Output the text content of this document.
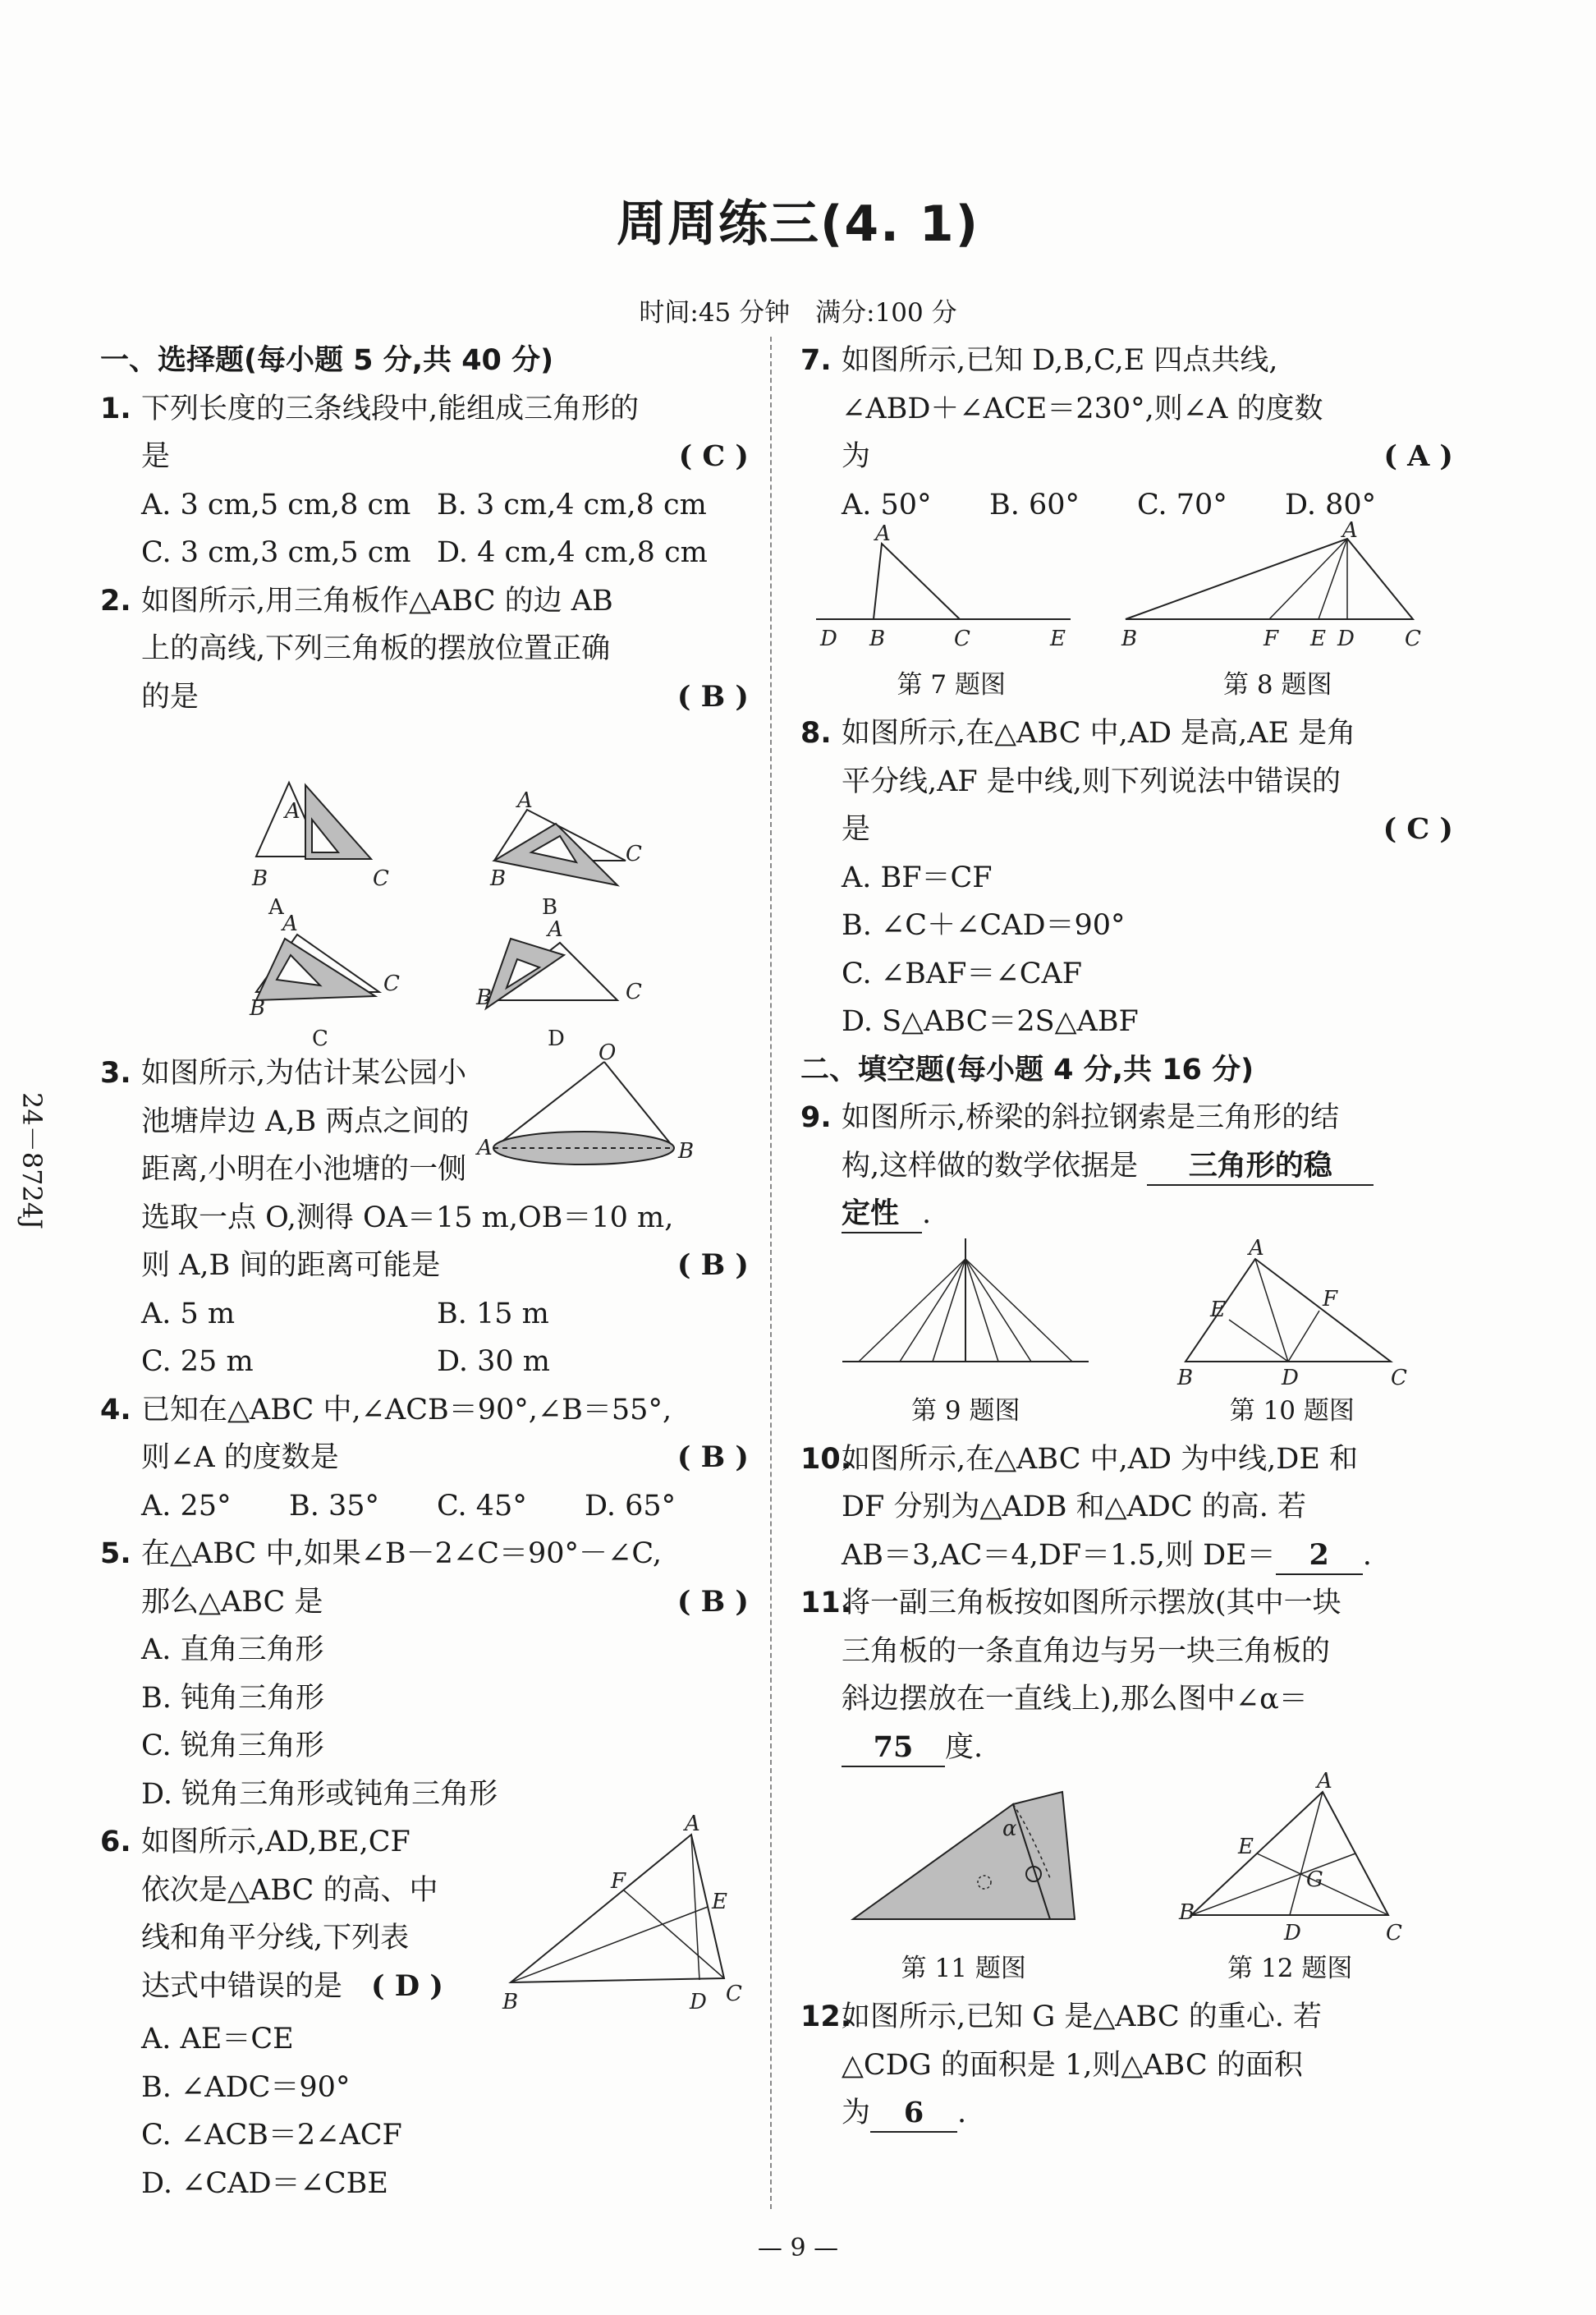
周周练三(4. 1)
时间:45 分钟　满分:100 分
24－8724J
一、选择题(每小题 5 分,共 40 分)
1. 下列长度的三条线段中,能组成三角形的
是	( C )
A. 3 cm,5 cm,8 cm B. 3 cm,4 cm,8 cm
C. 3 cm,3 cm,5 cm D. 4 cm,4 cm,8 cm
2. 如图所示,用三角板作△ABC 的边 AB
上的高线,下列三角板的摆放位置正确
的是	( B )
A
B	C
A
B
C
A
B
C
A
B	C
A	B
C	D
3. 如图所示,为估计某公园小
池塘岸边 A,B 两点之间的
距离,小明在小池塘的一侧
O
A	B
选取一点 O,测得 OA＝15 m,OB＝10 m,
则 A,B 间的距离可能是	( B )
A. 5 m	B. 15 m
C. 25 m	D. 30 m
4. 已知在△ABC 中,∠ACB＝90°,∠B＝55°,
则∠A 的度数是	( B )
A. 25°	B. 35°	C. 45°	D. 65°
5. 在△ABC 中,如果∠B－2∠C＝90°－∠C,
那么△ABC 是	( B )
A. 直角三角形
B. 钝角三角形
C. 锐角三角形
D. 锐角三角形或钝角三角形
6. 如图所示,AD,BE,CF
依次是△ABC 的高、中
线和角平分线,下列表
达式中错误的是　 ( D )
A
B	C
D
E
F
A. AE＝CE
B. ∠ADC＝90°
C. ∠ACB＝2∠ACF
D. ∠CAD＝∠CBE
7. 如图所示,已知 D,B,C,E 四点共线,
∠ABD＋∠ACE＝230°,则∠A 的度数
为	( A )
A. 50°	B. 60°	C. 70°	D. 80°
A
D B	C	E
第 7 题图
A
B	F E D C
第 8 题图
8. 如图所示,在△ABC 中,AD 是高,AE 是角
平分线,AF 是中线,则下列说法中错误的
是	( C )
A. BF＝CF
B. ∠C＋∠CAD＝90°
C. ∠BAF＝∠CAF
D. S△ABC＝2S△ABF
二、填空题(每小题 4 分,共 16 分)
9. 如图所示,桥梁的斜拉钢索是三角形的结
构,这样做的数学依据是 三角形的稳
定性 .
第 9 题图
A
B	C
D
E	F
第 10 题图
10.
如图所示,在△ABC 中,AD 为中线,DE 和
DF 分别为△ADB 和△ADC 的高. 若
AB＝3,AC＝4,DF＝1.5,则 DE＝ 2 .
11.
将一副三角板按如图所示摆放(其中一块
三角板的一条直角边与另一块三角板的
斜边摆放在一直线上),那么图中∠α＝
75 度.
α
第 11 题图
A
B
C
D
E
G
第 12 题图
12.
如图所示,已知 G 是△ABC 的重心. 若
△CDG 的面积是 1,则△ABC 的面积
为 6 .
— 9 —
